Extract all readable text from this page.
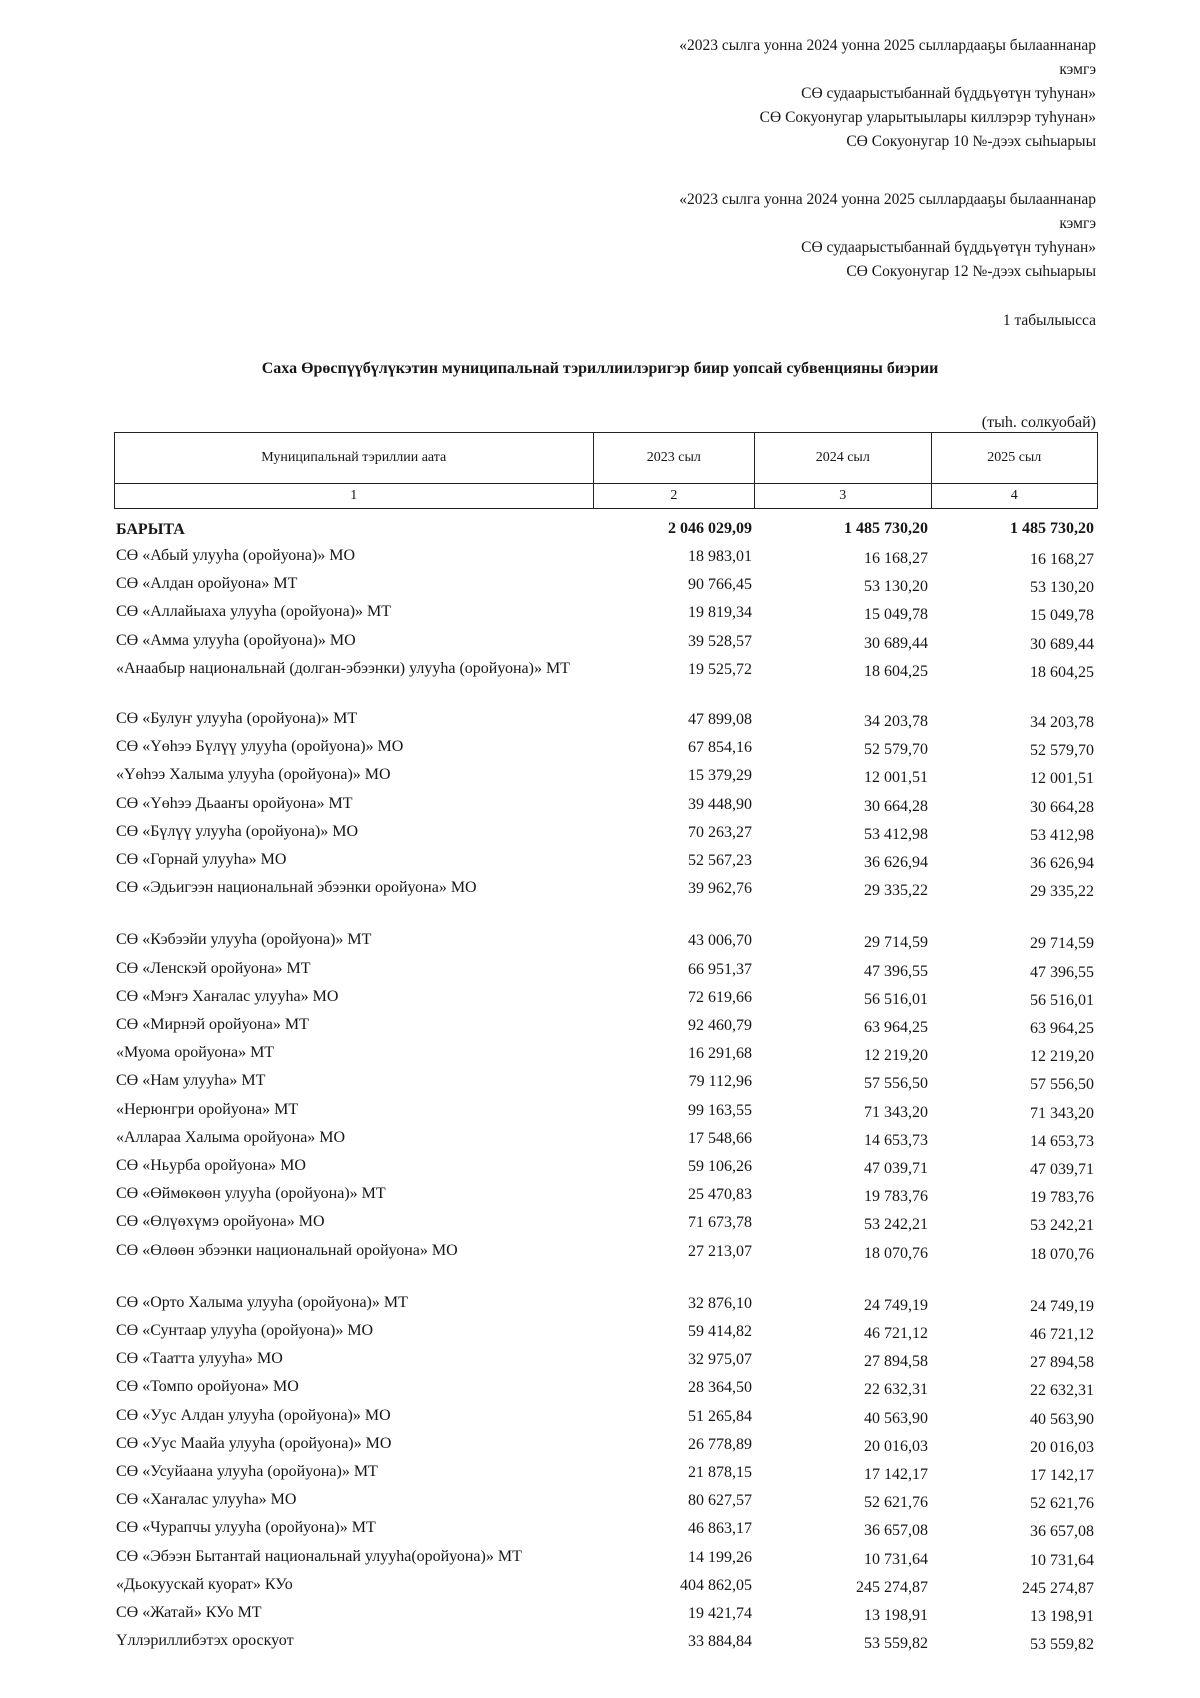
«2023 сылга уонна 2024 уонна 2025 сыллардааҕы былааннанар
кэмгэ
СӨ судаарыстыбаннай бүддьүөтүн туһунан»
СӨ Сокуонугар уларытыылары киллэрэр туһунан»
СӨ Сокуонугар 10 №-дээх сыһыарыы
«2023 сылга уонна 2024 уонна 2025 сыллардааҕы былааннанар
кэмгэ
СӨ судаарыстыбаннай бүддьүөтүн туһунан»
СӨ Сокуонугар 12 №-дээх сыһыарыы
1 табылыысса
Саха Өрөспүүбүлүкэтин муниципальнай тэриллиилэригэр биир уопсай субвенцияны биэрии
(тыһ. солкуобай)
Муниципальнай тэриллии аата	2023 сыл	2024 сыл	2025 сыл
1	2	3	4
БАРЫТА	2 046 029,09	1 485 730,20	1 485 730,20
СӨ «Абый улууһа (оройуона)» МО	18 983,01	16 168,27	16 168,27
СӨ «Алдан оройуона» МТ	90 766,45	53 130,20	53 130,20
СӨ «Аллайыаха улууһа (оройуона)» МТ	19 819,34	15 049,78	15 049,78
СӨ «Амма улууһа (оройуона)» МО	39 528,57	30 689,44	30 689,44
«Анаабыр национальнай (долган-эбээнки) улууһа (оройуона)» МТ	19 525,72	18 604,25	18 604,25
СӨ «Булуҥ улууһа (оройуона)» МТ	47 899,08	34 203,78	34 203,78
СӨ «Үөһээ Бүлүү улууһа (оройуона)» МО	67 854,16	52 579,70	52 579,70
«Үөһээ Халыма улууһа (оройуона)» МО	15 379,29	12 001,51	12 001,51
СӨ «Үөһээ Дьааҥы оройуона» МТ	39 448,90	30 664,28	30 664,28
СӨ «Бүлүү улууһа (оройуона)» МО	70 263,27	53 412,98	53 412,98
СӨ «Горнай улууһа» МО	52 567,23	36 626,94	36 626,94
СӨ «Эдьигээн национальнай эбээнки оройуона» МО	39 962,76	29 335,22	29 335,22
СӨ «Кэбээйи улууһа (оройуона)» МТ	43 006,70	29 714,59	29 714,59
СӨ «Ленскэй оройуона» МТ	66 951,37	47 396,55	47 396,55
СӨ «Мэҥэ Хаҥалас улууһа» МО	72 619,66	56 516,01	56 516,01
СӨ «Мирнэй оройуона» МТ	92 460,79	63 964,25	63 964,25
«Муома оройуона» МТ	16 291,68	12 219,20	12 219,20
СӨ «Нам улууһа» МТ	79 112,96	57 556,50	57 556,50
«Нерюнгри оройуона» МТ	99 163,55	71 343,20	71 343,20
«Аллараа Халыма оройуона» МО	17 548,66	14 653,73	14 653,73
СӨ «Ньурба оройуона» МО	59 106,26	47 039,71	47 039,71
СӨ «Өймөкөөн улууһа (оройуона)» МТ	25 470,83	19 783,76	19 783,76
СӨ «Өлүөхүмэ оройуона» МО	71 673,78	53 242,21	53 242,21
СӨ «Өлөөн эбээнки национальнай оройуона» МО	27 213,07	18 070,76	18 070,76
СӨ «Орто Халыма улууһа (оройуона)» МТ	32 876,10	24 749,19	24 749,19
СӨ «Сунтаар улууһа (оройуона)» МО	59 414,82	46 721,12	46 721,12
СӨ «Таатта улууһа» МО	32 975,07	27 894,58	27 894,58
СӨ «Томпо оройуона» МО	28 364,50	22 632,31	22 632,31
СӨ «Уус Алдан улууһа (оройуона)» МО	51 265,84	40 563,90	40 563,90
СӨ «Уус Маайа улууһа (оройуона)» МО	26 778,89	20 016,03	20 016,03
СӨ «Усуйаана улууһа (оройуона)» МТ	21 878,15	17 142,17	17 142,17
СӨ «Хаҥалас улууһа» МО	80 627,57	52 621,76	52 621,76
СӨ «Чурапчы улууһа (оройуона)» МТ	46 863,17	36 657,08	36 657,08
СӨ «Эбээн Бытантай национальнай улууһа(оройуона)» МТ	14 199,26	10 731,64	10 731,64
«Дьокуускай куорат» КУо	404 862,05	245 274,87	245 274,87
СӨ «Жатай» КУо МТ	19 421,74	13 198,91	13 198,91
Үллэриллибэтэх ороскуот	33 884,84	53 559,82	53 559,82
